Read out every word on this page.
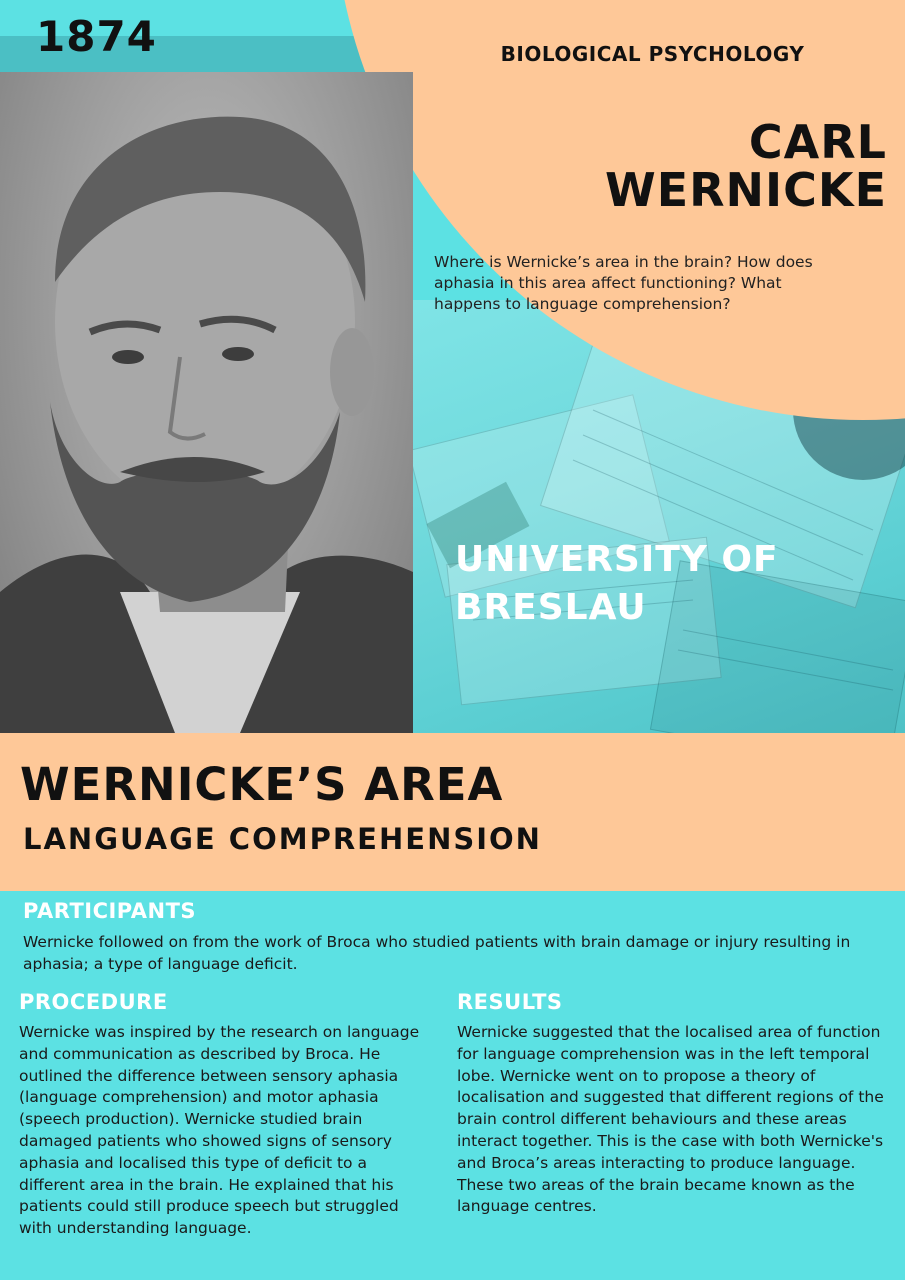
1874	BIOLOGICAL PSYCHOLOGY
CARL
WERNICKE
Where is Wernicke’s area in the brain? How does aphasia in this area affect functioning? What happens to language comprehension?
UNIVERSITY OF
BRESLAU
WERNICKE’S AREA
LANGUAGE COMPREHENSION
PARTICIPANTS
Wernicke followed on from the work of Broca who studied patients with brain damage or injury resulting in aphasia; a type of language deficit.
PROCEDURE
Wernicke was inspired by the research on language and communication as described by Broca. He outlined the difference between sensory aphasia (language comprehension) and motor aphasia (speech production). Wernicke studied brain damaged patients who showed signs of sensory aphasia and localised this type of deficit to a different area in the brain. He explained that his patients could still produce speech but struggled with understanding language.
RESULTS
Wernicke suggested that the localised area of function for language comprehension was in the left temporal lobe. Wernicke went on to propose a theory of localisation and suggested that different regions of the brain control different behaviours and these areas interact together. This is the case with both Wernicke's and Broca’s areas interacting to produce language. These two areas of the brain became known as the language centres.
